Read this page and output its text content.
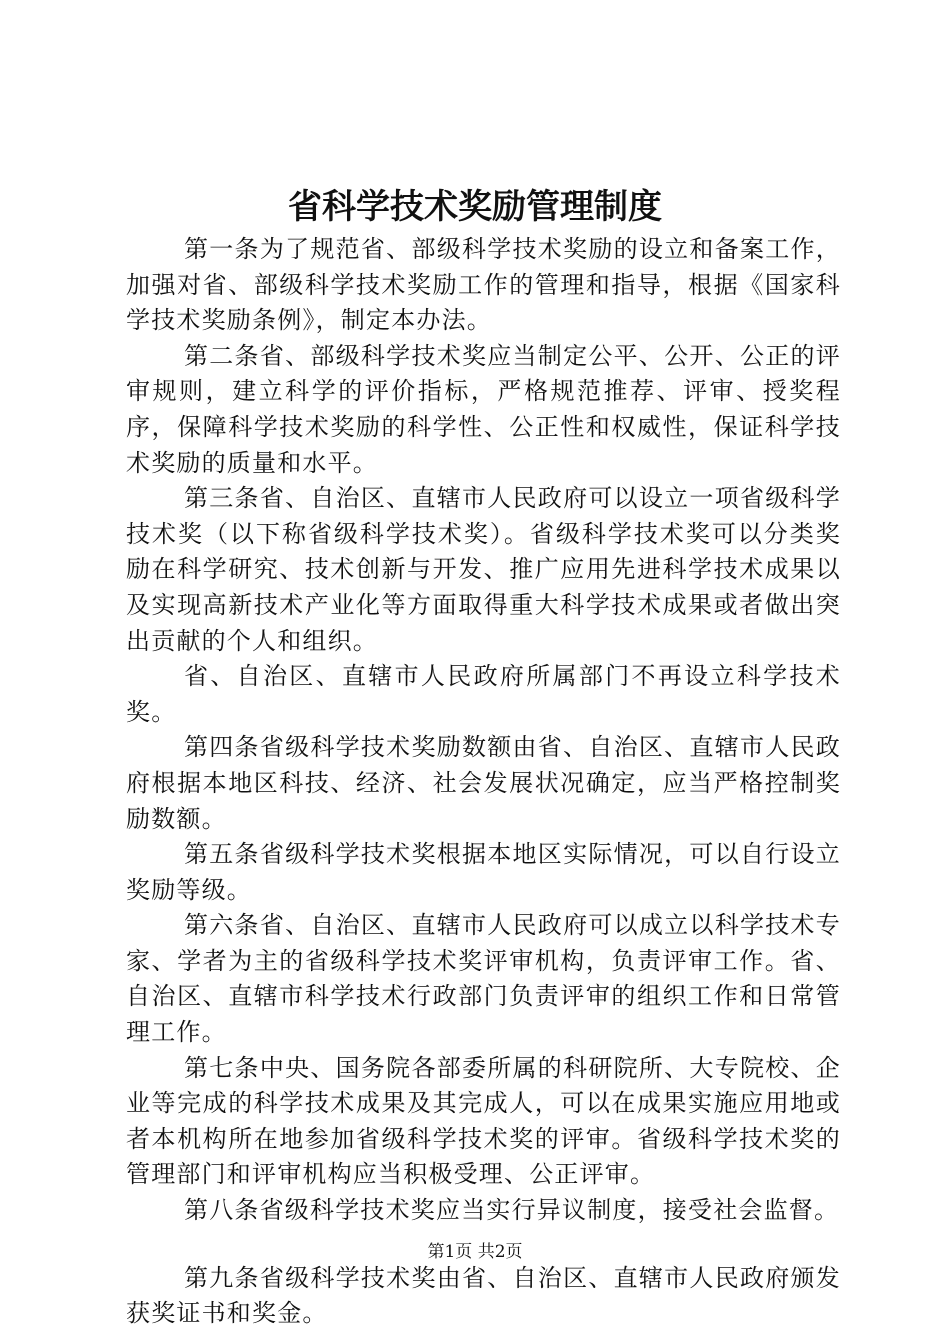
省科学技术奖励管理制度

第一条为了规范省、部级科学技术奖励的设立和备案工作，加强对省、部级科学技术奖励工作的管理和指导，根据《国家科学技术奖励条例》，制定本办法。

第二条省、部级科学技术奖应当制定公平、公开、公正的评审规则，建立科学的评价指标，严格规范推荐、评审、授奖程序，保障科学技术奖励的科学性、公正性和权威性，保证科学技术奖励的质量和水平。

第三条省、自治区、直辖市人民政府可以设立一项省级科学技术奖（以下称省级科学技术奖）。省级科学技术奖可以分类奖励在科学研究、技术创新与开发、推广应用先进科学技术成果以及实现高新技术产业化等方面取得重大科学技术成果或者做出突出贡献的个人和组织。

省、自治区、直辖市人民政府所属部门不再设立科学技术奖。

第四条省级科学技术奖励数额由省、自治区、直辖市人民政府根据本地区科技、经济、社会发展状况确定，应当严格控制奖励数额。

第五条省级科学技术奖根据本地区实际情况，可以自行设立奖励等级。

第六条省、自治区、直辖市人民政府可以成立以科学技术专家、学者为主的省级科学技术奖评审机构，负责评审工作。省、自治区、直辖市科学技术行政部门负责评审的组织工作和日常管理工作。

第七条中央、国务院各部委所属的科研院所、大专院校、企业等完成的科学技术成果及其完成人，可以在成果实施应用地或者本机构所在地参加省级科学技术奖的评审。省级科学技术奖的管理部门和评审机构应当积极受理、公正评审。

第八条省级科学技术奖应当实行异议制度，接受社会监督。

第九条省级科学技术奖由省、自治区、直辖市人民政府颁发获奖证书和奖金。

第1页 共2页
